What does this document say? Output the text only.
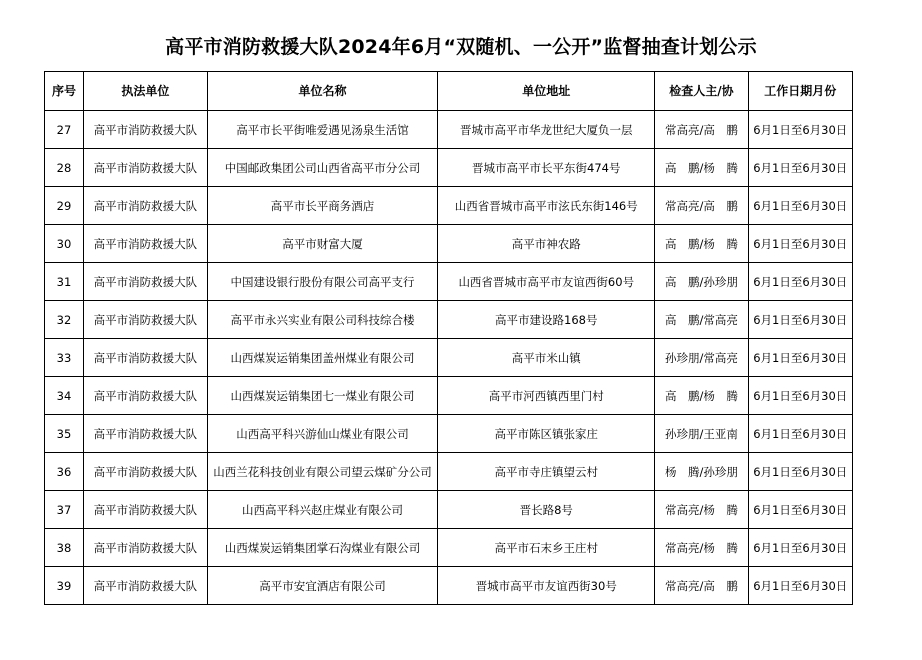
高平市消防救援大队2024年6月“双随机、一公开”监督抽查计划公示
序号	执法单位	单位名称	单位地址	检查人主/协	工作日期月份
27	高平市消防救援大队	高平市长平街唯爱遇见汤泉生活馆	晋城市高平市华龙世纪大厦负一层	常高亮/高　鹏	6月1日至6月30日
28	高平市消防救援大队	中国邮政集团公司山西省高平市分公司	晋城市高平市长平东街474号	高　鹏/杨　腾	6月1日至6月30日
29	高平市消防救援大队	高平市长平商务酒店	山西省晋城市高平市泫氏东街146号	常高亮/高　鹏	6月1日至6月30日
30	高平市消防救援大队	高平市财富大厦	高平市神农路	高　鹏/杨　腾	6月1日至6月30日
31	高平市消防救援大队	中国建设银行股份有限公司高平支行	山西省晋城市高平市友谊西街60号	高　鹏/孙珍朋	6月1日至6月30日
32	高平市消防救援大队	高平市永兴实业有限公司科技综合楼	高平市建设路168号	高　鹏/常高亮	6月1日至6月30日
33	高平市消防救援大队	山西煤炭运销集团盖州煤业有限公司	高平市米山镇	孙珍朋/常高亮	6月1日至6月30日
34	高平市消防救援大队	山西煤炭运销集团七一煤业有限公司	高平市河西镇西里门村	高　鹏/杨　腾	6月1日至6月30日
35	高平市消防救援大队	山西高平科兴游仙山煤业有限公司	高平市陈区镇张家庄	孙珍朋/王亚南	6月1日至6月30日
36	高平市消防救援大队	山西兰花科技创业有限公司望云煤矿分公司	高平市寺庄镇望云村	杨　腾/孙珍朋	6月1日至6月30日
37	高平市消防救援大队	山西高平科兴赵庄煤业有限公司	晋长路8号	常高亮/杨　腾	6月1日至6月30日
38	高平市消防救援大队	山西煤炭运销集团掌石沟煤业有限公司	高平市石末乡王庄村	常高亮/杨　腾	6月1日至6月30日
39	高平市消防救援大队	高平市安宜酒店有限公司	晋城市高平市友谊西街30号	常高亮/高　鹏	6月1日至6月30日
